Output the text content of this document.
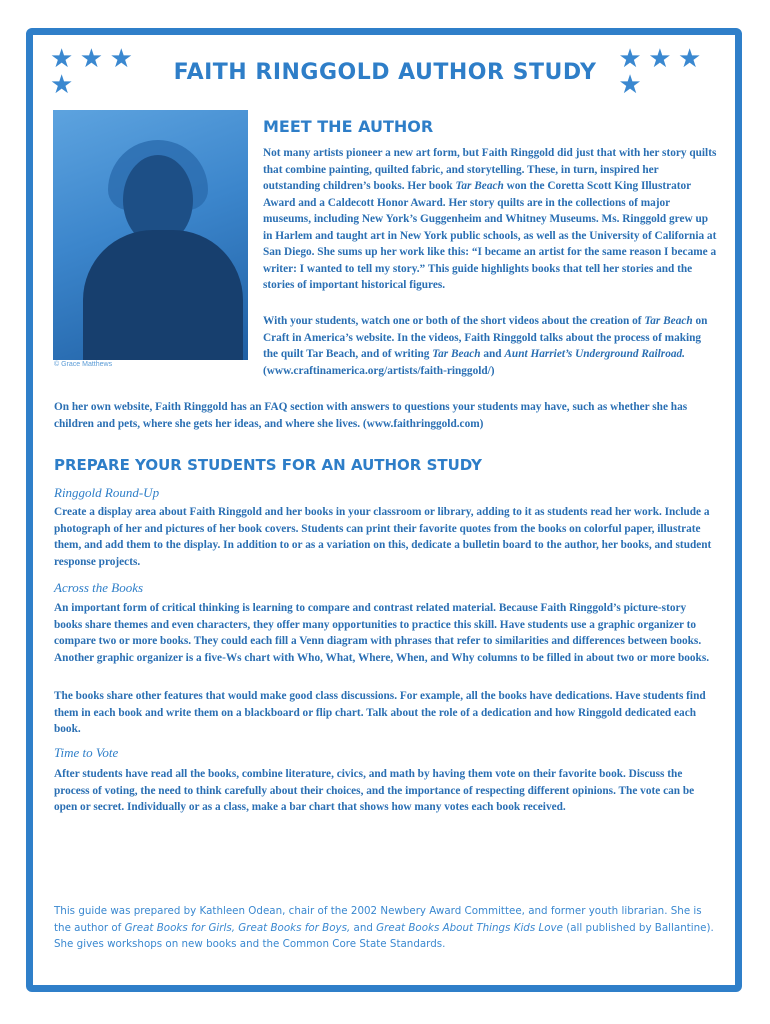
★ ★ ★ ★	FAITH RINGGOLD AUTHOR STUDY ★ ★ ★ ★
© Grace Matthews
MEET THE AUTHOR

Not many artists pioneer a new art form, but Faith Ringgold did just that with her story quilts that combine painting, quilted fabric, and storytelling. These, in turn, inspired her outstanding children’s books. Her book Tar Beach won the Coretta Scott King Illustrator Award and a Caldecott Honor Award. Her story quilts are in the collections of major museums, including New York’s Guggenheim and Whitney Museums. Ms. Ringgold grew up in Harlem and taught art in New York public schools, as well as the University of California at San Diego. She sums up her work like this: “I became an artist for the same reason I became a writer: I wanted to tell my story.” This guide highlights books that tell her stories and the stories of important historical figures.

With your students, watch one or both of the short videos about the creation of Tar Beach on Craft in America’s website. In the videos, Faith Ringgold talks about the process of making the quilt Tar Beach, and of writing Tar Beach and Aunt Harriet’s Underground Railroad.
(www.craftinamerica.org/artists/faith-ringgold/)

On her own website, Faith Ringgold has an FAQ section with answers to questions your students may have, such as whether she has children and pets, where she gets her ideas, and where she lives. (www.faithringgold.com)

PREPARE YOUR STUDENTS FOR AN AUTHOR STUDY

Ringgold Round-Up

Create a display area about Faith Ringgold and her books in your classroom or library, adding to it as students read her work. Include a photograph of her and pictures of her book covers. Students can print their favorite quotes from the books on colorful paper, illustrate them, and add them to the display. In addition to or as a variation on this, dedicate a bulletin board to the author, her books, and student response projects.

Across the Books

An important form of critical thinking is learning to compare and contrast related material. Because Faith Ringgold’s picture-story books share themes and even characters, they offer many opportunities to practice this skill. Have students use a graphic organizer to compare two or more books. They could each fill a Venn diagram with phrases that refer to similarities and differences between books. Another graphic organizer is a five-Ws chart with Who, What, Where, When, and Why columns to be filled in about two or more books.

The books share other features that would make good class discussions. For example, all the books have dedications. Have students find them in each book and write them on a blackboard or flip chart. Talk about the role of a dedication and how Ringgold dedicated each book.

Time to Vote

After students have read all the books, combine literature, civics, and math by having them vote on their favorite book. Discuss the process of voting, the need to think carefully about their choices, and the importance of respecting different opinions. The vote can be open or secret. Individually or as a class, make a bar chart that shows how many votes each book received.

This guide was prepared by Kathleen Odean, chair of the 2002 Newbery Award Committee, and former youth librarian. She is the author of Great Books for Girls, Great Books for Boys, and Great Books About Things Kids Love (all published by Ballantine). She gives workshops on new books and the Common Core State Standards.
